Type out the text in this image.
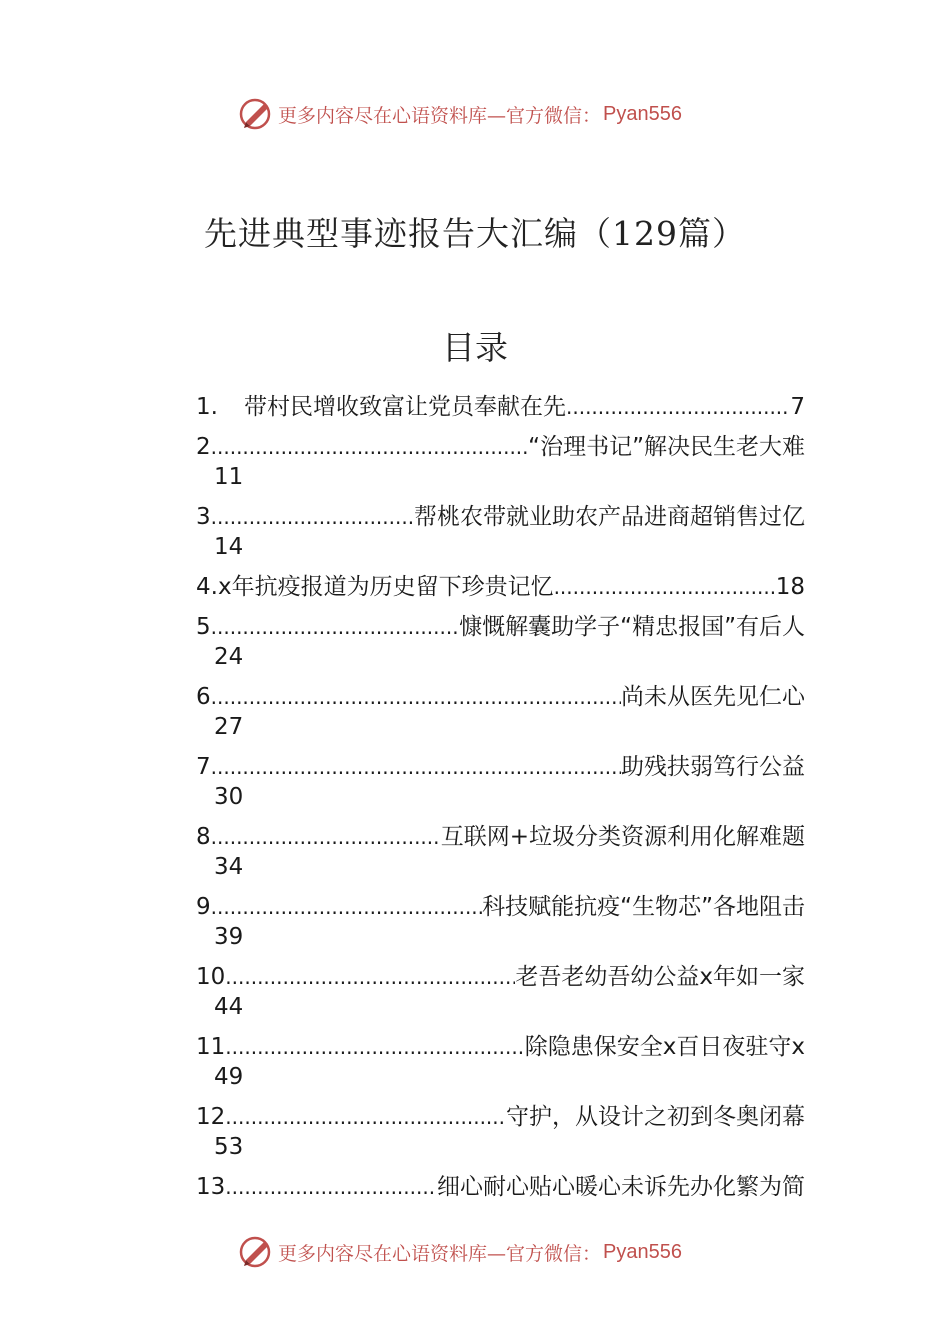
更多内容尽在心语资料库—官方微信： Pyan556
先进典型事迹报告大汇编（129篇）
目录
1.	带村民增收致富让党员奉献在先 .....	7
2 .....	“治理书记”解决民生老大难
11
3 .....	帮桃农带就业助农产品进商超销售过亿
14
4. x年抗疫报道为历史留下珍贵记忆 .....	18
5 .....	慷慨解囊助学子“精忠报国”有后人
24
6 .....	尚未从医先见仁心
27
7 .....	助残扶弱笃行公益
30
8 .....	互联网+垃圾分类资源利用化解难题
34
9 .....	科技赋能抗疫“生物芯”各地阻击
39
10 .....	老吾老幼吾幼公益x年如一家
44
11 .....	除隐患保安全x百日夜驻守x
49
12 .....	守护，从设计之初到冬奥闭幕
53
13 .....	细心耐心贴心暖心未诉先办化繁为简
更多内容尽在心语资料库—官方微信： Pyan556
